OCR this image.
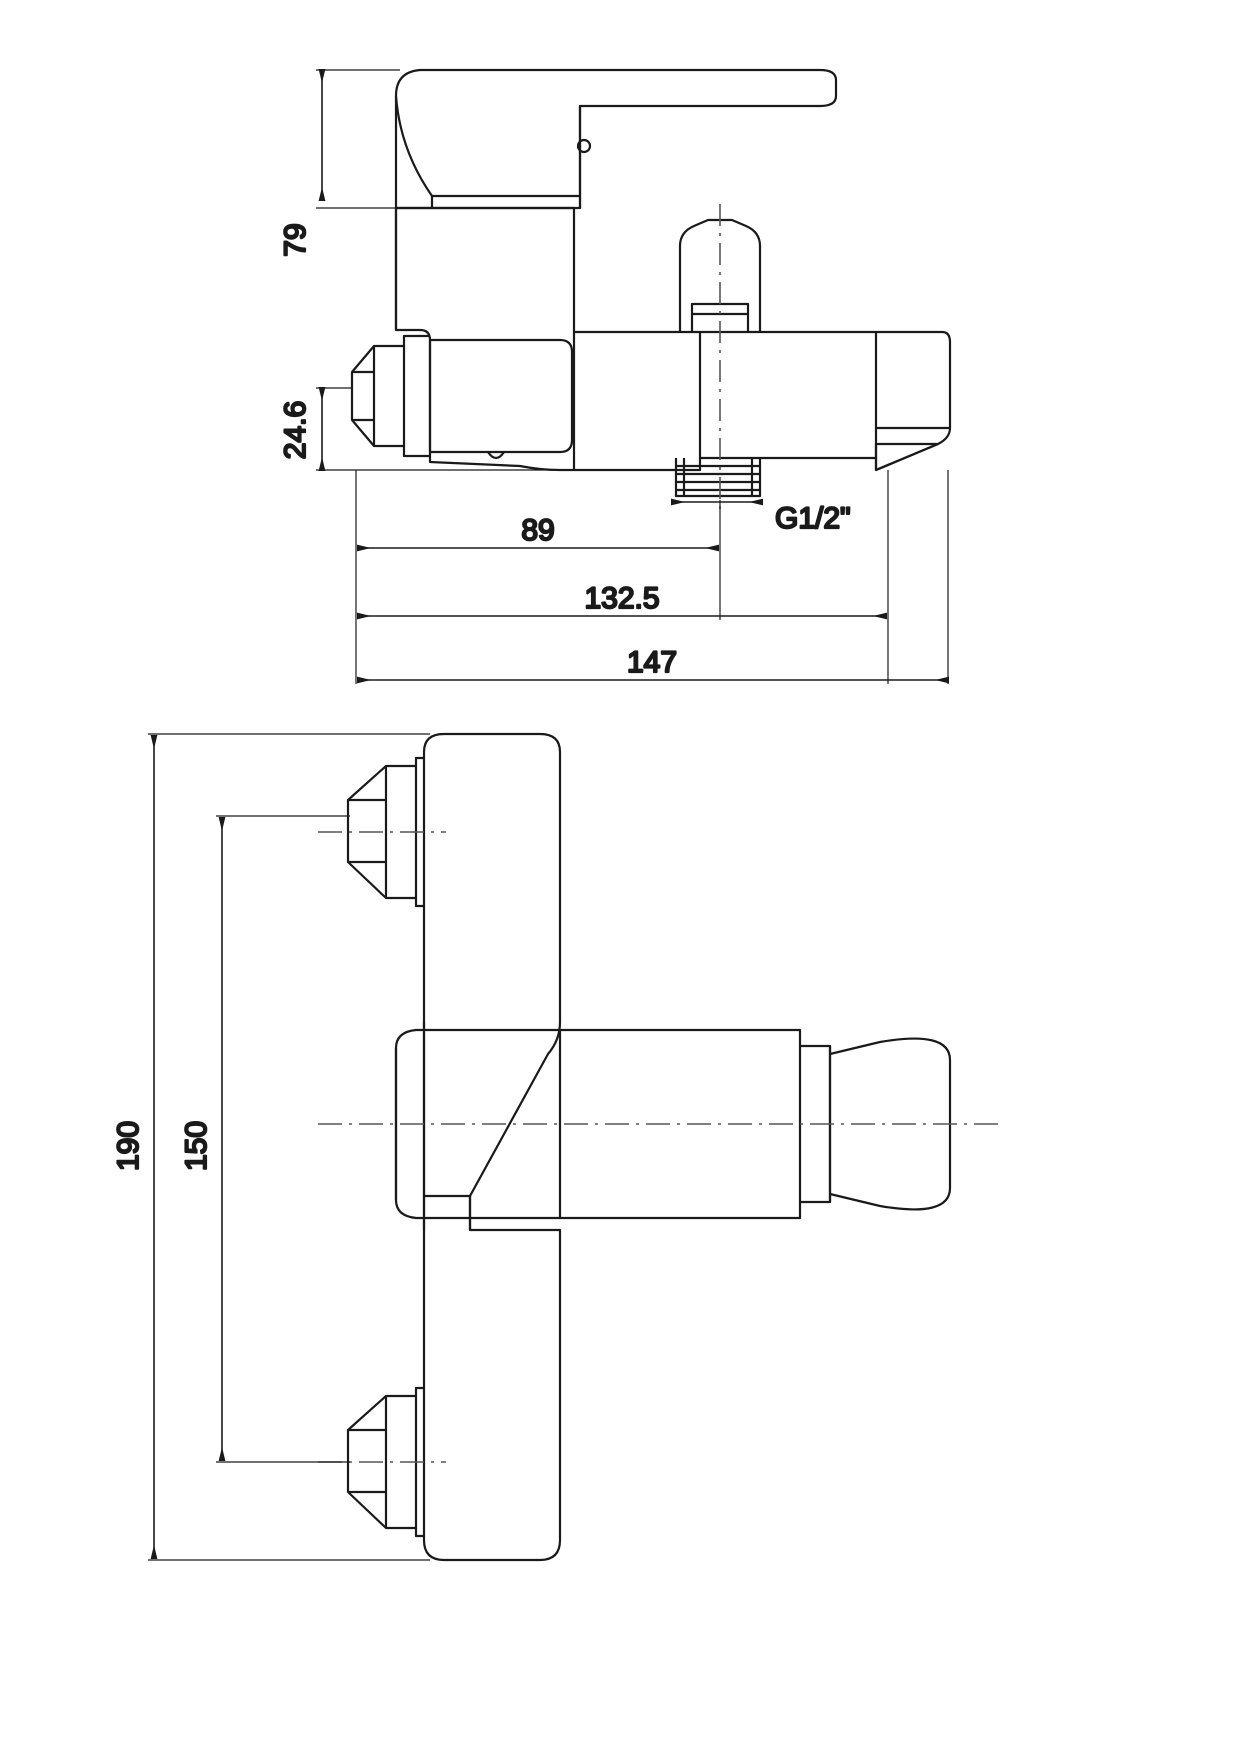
79
24.6
89
132.5
147
G1/2"
190 150
